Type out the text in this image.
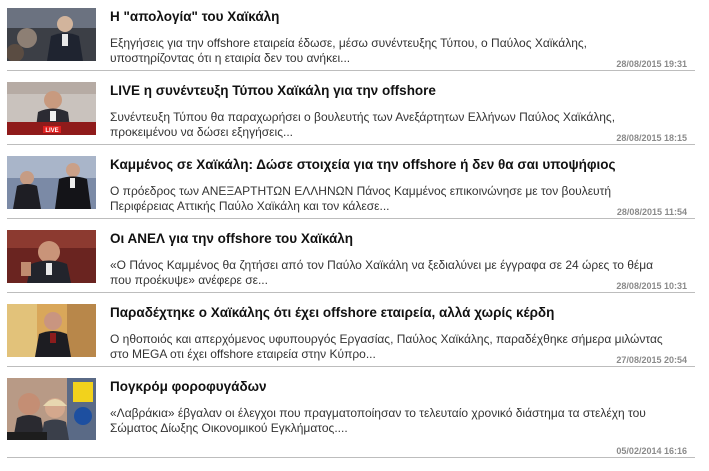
Η "απολογία" του Χαϊκάλη
Εξηγήσεις για την offshore εταιρεία έδωσε, μέσω συνέντευξης Τύπου, ο Παύλος Χαϊκάλης, υποστηρίζοντας ότι η εταιρία δεν του ανήκει...	28/08/2015 19:31
LIVE
LIVE η συνέντευξη Τύπου Χαϊκάλη για την offshore
Συνέντευξη Τύπου θα παραχωρήσει ο βουλευτής των Ανεξάρτητων Ελλήνων Παύλος Χαϊκάλης, προκειμένου να δώσει εξηγήσεις...	28/08/2015 18:15
Καμμένος σε Χαϊκάλη: Δώσε στοιχεία για την offshore ή δεν θα σαι υποψήφιος
Ο πρόεδρος των ΑΝΕΞΑΡΤΗΤΩΝ ΕΛΛΗΝΩΝ Πάνος Καμμένος επικοινώνησε με τον βουλευτή Περιφέρειας Αττικής Παύλο Χαϊκάλη και τον κάλεσε...	28/08/2015 11:54
Οι ΑΝΕΛ για την offshore του Χαϊκάλη
«Ο Πάνος Καμμένος θα ζητήσει από τον Παύλο Χαϊκάλη να ξεδιαλύνει με έγγραφα σε 24 ώρες το θέμα που προέκυψε» ανέφερε σε...	28/08/2015 10:31
Παραδέχτηκε ο Χαϊκάλης ότι έχει offshore εταιρεία, αλλά χωρίς κέρδη
Ο ηθοποιός και απερχόμενος υφυπουργός Εργασίας, Παύλος Χαϊκάλης, παραδέχθηκε σήμερα μιλώντας στο MEGA οτι έχει offshore εταιρεία στην Κύπρο...	27/08/2015 20:54
Πογκρόμ φοροφυγάδων
«Λαβράκια» έβγαλαν οι έλεγχοι που πραγματοποίησαν το τελευταίο χρονικό διάστημα τα στελέχη του Σώματος Δίωξης Οικονομικού Εγκλήματος....
05/02/2014 16:16
